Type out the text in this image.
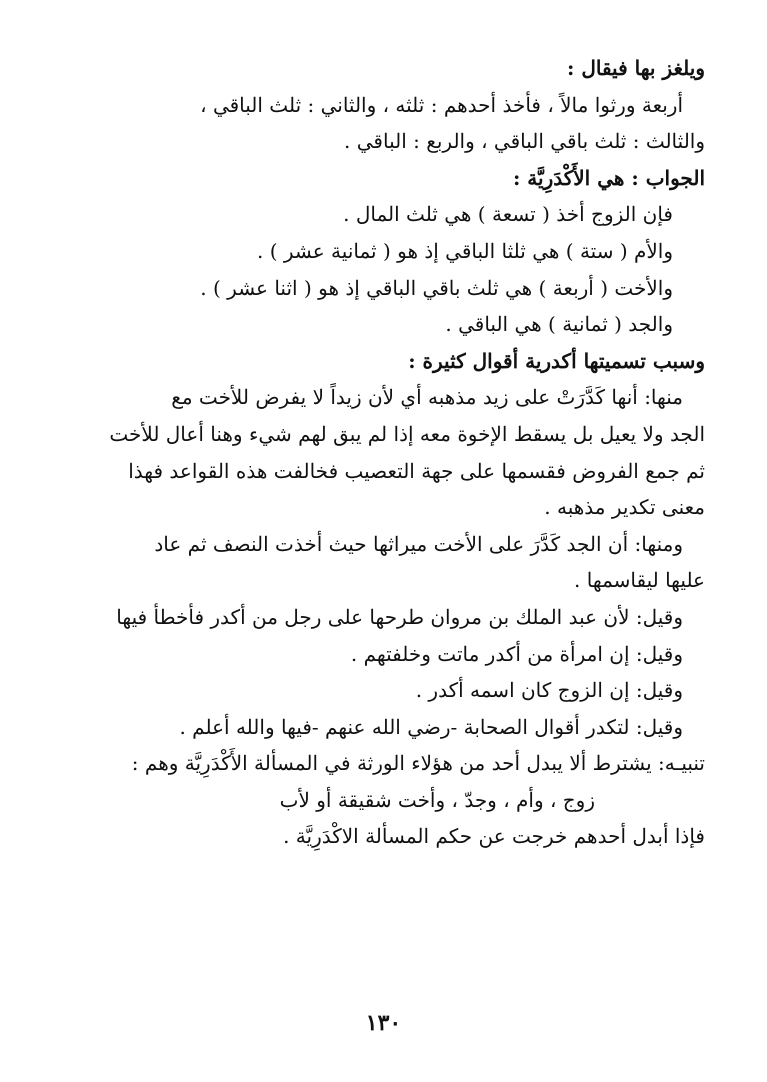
ويلغز بها فيقال :
أربعة ورثوا مالاً ، فأخذ أحدهم : ثلثه ، والثاني : ثلث الباقي ،
والثالث : ثلث باقي الباقي ، والربع : الباقي .
الجواب : هي الأَكْدَرِيَّة :
فإن الزوج أخذ ( تسعة ) هي ثلث المال .
والأم ( ستة ) هي ثلثا الباقي إذ هو ( ثمانية عشر ) .
والأخت ( أربعة ) هي ثلث باقي الباقي إذ هو ( اثنا عشر ) .
والجد ( ثمانية ) هي الباقي .
وسبب تسميتها أكدرية أقوال كثيرة :
منها: أنها كَدَّرَتْ على زيد مذهبه أي لأن زيداً لا يفرض للأخت مع
الجد ولا يعيل بل يسقط الإخوة معه إذا لم يبق لهم شيء وهنا أعال للأخت
ثم جمع الفروض فقسمها على جهة التعصيب فخالفت هذه القواعد فهذا
معنى تكدير مذهبه .
ومنها: أن الجد كَدَّرَ على الأخت ميراثها حيث أخذت النصف ثم عاد
عليها ليقاسمها .
وقيل: لأن عبد الملك بن مروان طرحها على رجل من أكدر فأخطأ فيها
وقيل: إن امرأة من أكدر ماتت وخلفتهم .
وقيل: إن الزوج كان اسمه أكدر .
وقيل: لتكدر أقوال الصحابة -رضي الله عنهم -فيها والله أعلم .
تنبيـه: يشترط ألا يبدل أحد من هؤلاء الورثة في المسألة الأَكْدَرِيَّة وهم :
زوج ، وأم ، وجدّ ، وأخت شقيقة أو لأب
فإذا أبدل أحدهم خرجت عن حكم المسألة الاكْدَرِيَّة .
١٣٠
